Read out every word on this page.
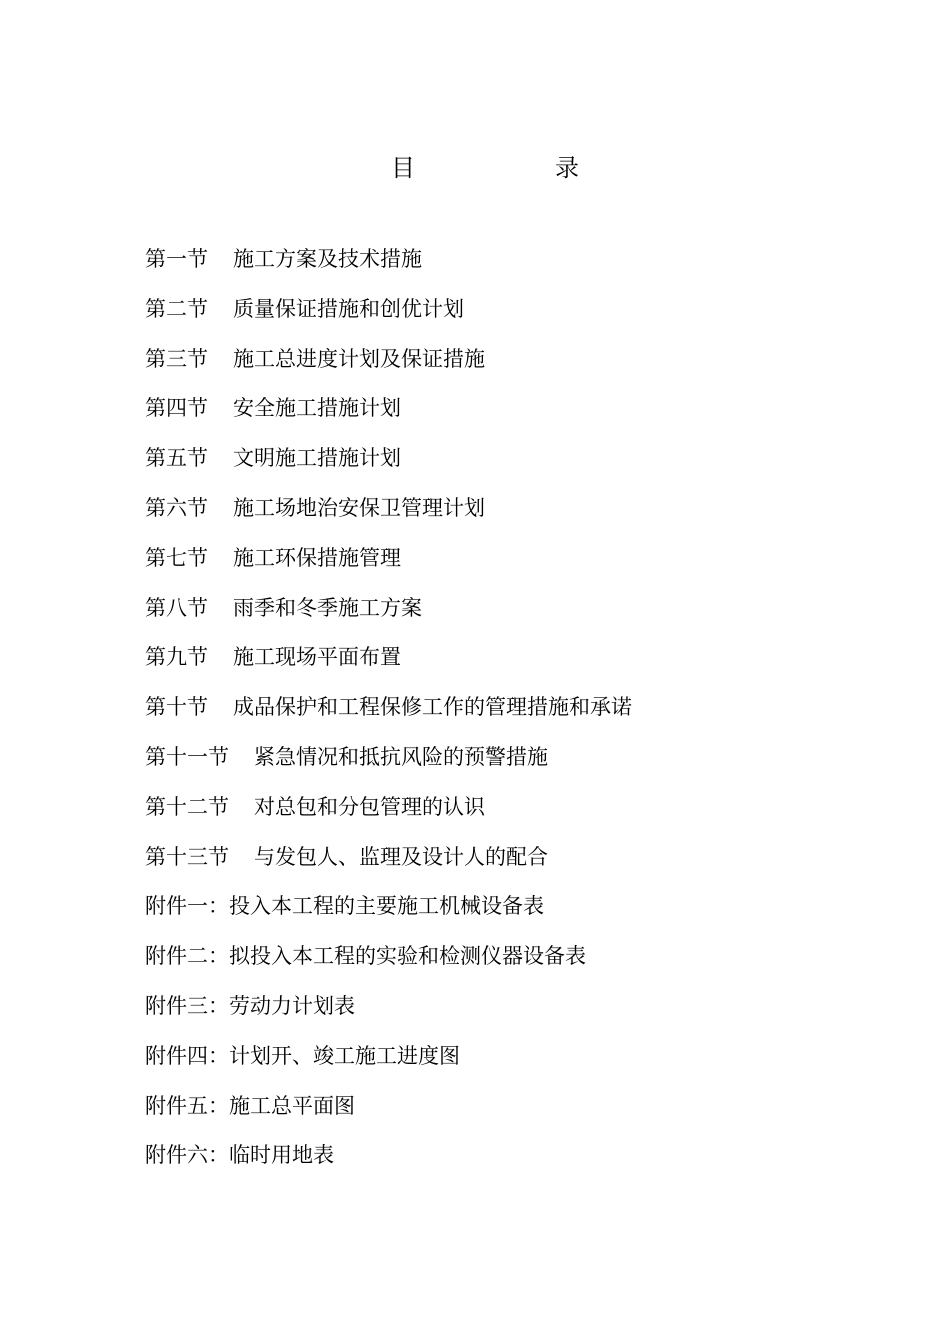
目	录
第一节 施工方案及技术措施
第二节 质量保证措施和创优计划
第三节 施工总进度计划及保证措施
第四节 安全施工措施计划
第五节 文明施工措施计划
第六节 施工场地治安保卫管理计划
第七节 施工环保措施管理
第八节 雨季和冬季施工方案
第九节 施工现场平面布置
第十节 成品保护和工程保修工作的管理措施和承诺
第十一节 紧急情况和抵抗风险的预警措施
第十二节 对总包和分包管理的认识
第十三节 与发包人、监理及设计人的配合
附件一：投入本工程的主要施工机械设备表
附件二：拟投入本工程的实验和检测仪器设备表
附件三：劳动力计划表
附件四：计划开、竣工施工进度图
附件五：施工总平面图
附件六：临时用地表
